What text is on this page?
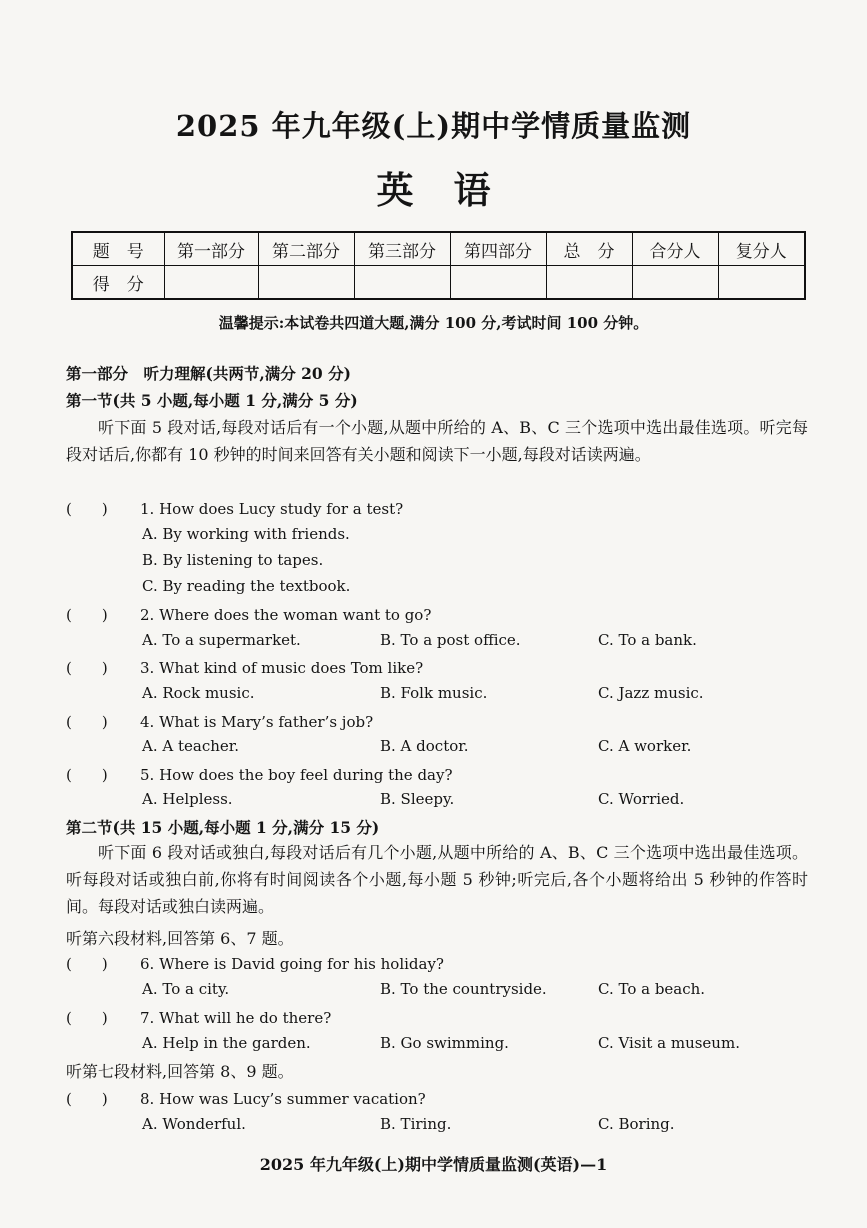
2025 年九年级(上)期中学情质量监测
英语
题　号	第一部分	第二部分	第三部分	第四部分	总　分	合分人	复分人
得　分							
温馨提示:本试卷共四道大题,满分 100 分,考试时间 100 分钟。
第一部分　听力理解(共两节,满分 20 分)
第一节(共 5 小题,每小题 1 分,满分 5 分)
听下面 5 段对话,每段对话后有一个小题,从题中所给的 A、B、C 三个选项中选出最佳选项。听完每段对话后,你都有 10 秒钟的时间来回答有关小题和阅读下一小题,每段对话读两遍。
(　　) 1. How does Lucy study for a test?
A. By working with friends.
B. By listening to tapes.
C. By reading the textbook.
(　　) 2. Where does the woman want to go?
A. To a supermarket.	B. To a post office.	C. To a bank.
(　　) 3. What kind of music does Tom like?
A. Rock music.	B. Folk music.	C. Jazz music.
(　　) 4. What is Mary’s father’s job?
A. A teacher.	B. A doctor.	C. A worker.
(　　) 5. How does the boy feel during the day?
A. Helpless.	B. Sleepy.	C. Worried.
第二节(共 15 小题,每小题 1 分,满分 15 分)
听下面 6 段对话或独白,每段对话后有几个小题,从题中所给的 A、B、C 三个选项中选出最佳选项。听每段对话或独白前,你将有时间阅读各个小题,每小题 5 秒钟;听完后,各个小题将给出 5 秒钟的作答时间。每段对话或独白读两遍。
听第六段材料,回答第 6、7 题。
(　　) 6. Where is David going for his holiday?
A. To a city.	B. To the countryside.	C. To a beach.
(　　) 7. What will he do there?
A. Help in the garden.	B. Go swimming.	C. Visit a museum.
听第七段材料,回答第 8、9 题。
(　　) 8. How was Lucy’s summer vacation?
A. Wonderful.	B. Tiring.	C. Boring.
2025 年九年级(上)期中学情质量监测(英语)—1
